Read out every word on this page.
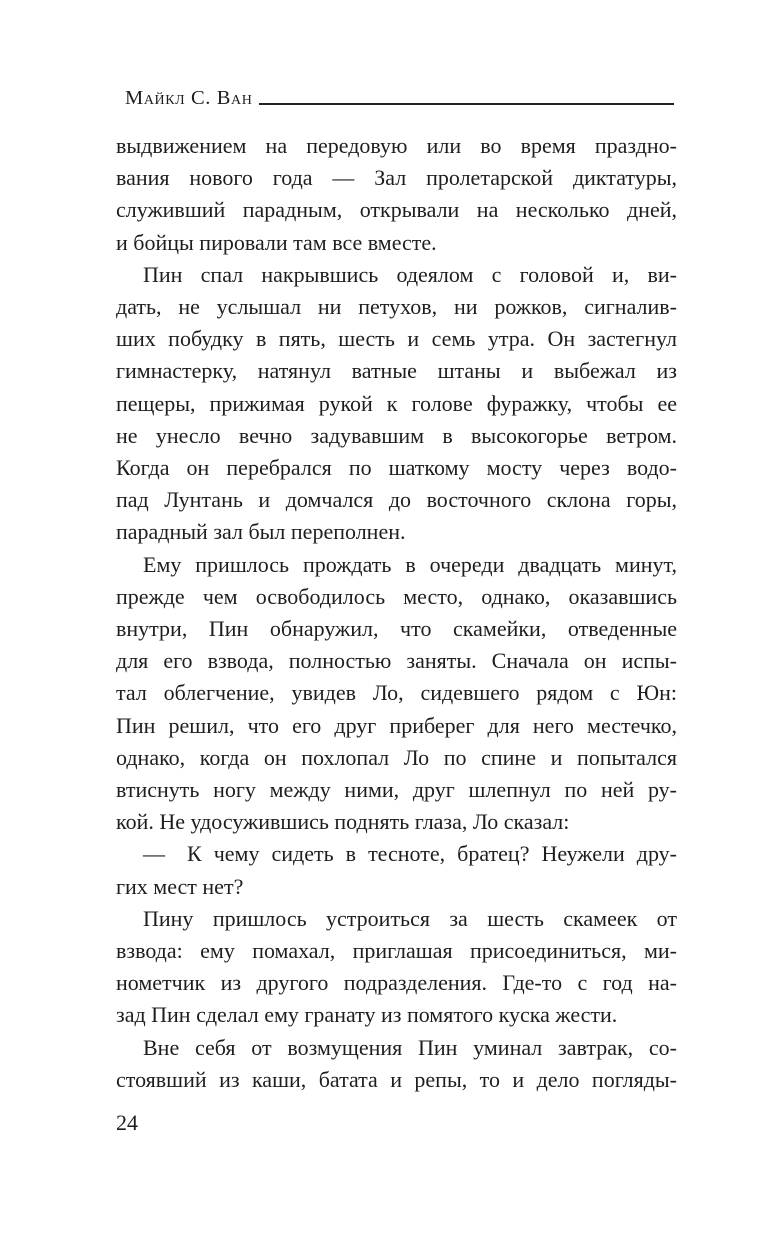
Майкл С. Ван

выдвижением на передовую или во время праздно-
вания нового года — Зал пролетарской диктатуры,
служивший парадным, открывали на несколько дней,
и бойцы пировали там все вместе.

Пин спал накрывшись одеялом с головой и, ви-
дать, не услышал ни петухов, ни рожков, сигналив-
ших побудку в пять, шесть и семь утра. Он застегнул
гимнастерку, натянул ватные штаны и выбежал из
пещеры, прижимая рукой к голове фуражку, чтобы ее
не унесло вечно задувавшим в высокогорье ветром.
Когда он перебрался по шаткому мосту через водо-
пад Лунтань и домчался до восточного склона горы,
парадный зал был переполнен.

Ему пришлось прождать в очереди двадцать минут,
прежде чем освободилось место, однако, оказавшись
внутри, Пин обнаружил, что скамейки, отведенные
для его взвода, полностью заняты. Сначала он испы-
тал облегчение, увидев Ло, сидевшего рядом с Юн:
Пин решил, что его друг приберег для него местечко,
однако, когда он похлопал Ло по спине и попытался
втиснуть ногу между ними, друг шлепнул по ней ру-
кой. Не удосужившись поднять глаза, Ло сказал:

— К чему сидеть в тесноте, братец? Неужели дру-
гих мест нет?

Пину пришлось устроиться за шесть скамеек от
взвода: ему помахал, приглашая присоединиться, ми-
нометчик из другого подразделения. Где-то с год на-
зад Пин сделал ему гранату из помятого куска жести.

Вне себя от возмущения Пин уминал завтрак, со-
стоявший из каши, батата и репы, то и дело погляды-

24
